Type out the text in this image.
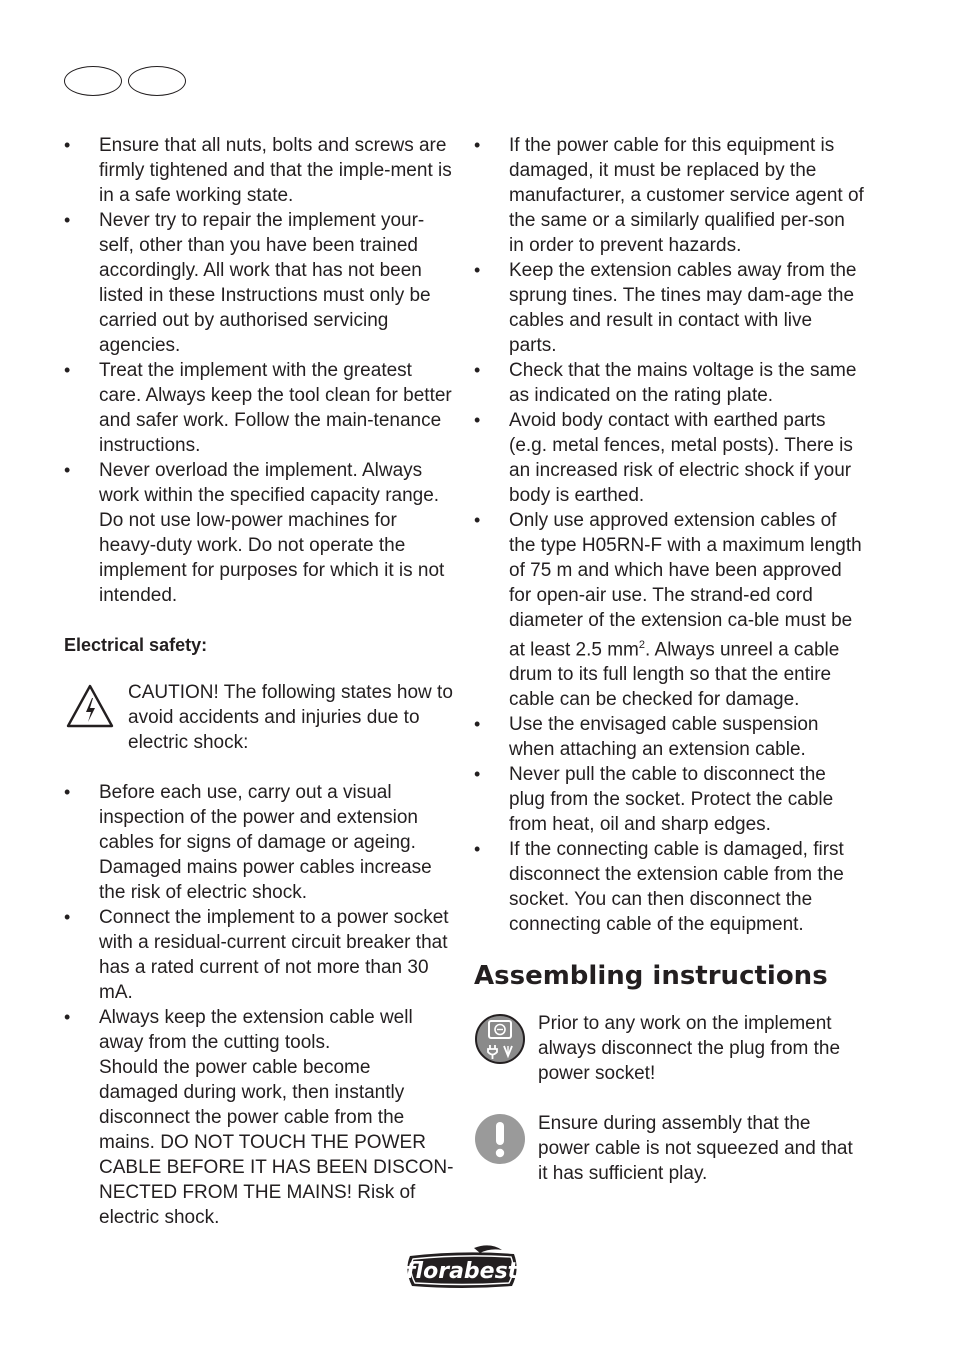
• Ensure that all nuts, bolts and screws are firmly tightened and that the imple-ment is in a safe working state.
• Never try to repair the implement your-self, other than you have been trained accordingly. All work that has not been listed in these Instructions must only be carried out by authorised servicing agencies.
• Treat the implement with the greatest care. Always keep the tool clean for better and safer work. Follow the main-tenance instructions.
• Never overload the implement. Always work within the specified capacity range. Do not use low-power machines for heavy-duty work. Do not operate the implement for purposes for which it is not intended.
Electrical safety:
CAUTION! The following states how to avoid accidents and injuries due to electric shock:
• Before each use, carry out a visual inspection of the power and extension cables for signs of damage or ageing. Damaged mains power cables increase the risk of electric shock.
• Connect the implement to a power socket with a residual-current circuit breaker that has a rated current of not more than 30 mA.
• Always keep the extension cable well away from the cutting tools.
Should the power cable become damaged during work, then instantly disconnect the power cable from the mains. DO NOT TOUCH THE POWER CABLE BEFORE IT HAS BEEN DISCON-NECTED FROM THE MAINS! Risk of electric shock.
• If the power cable for this equipment is damaged, it must be replaced by the manufacturer, a customer service agent of the same or a similarly qualified per-son in order to prevent hazards.
• Keep the extension cables away from the sprung tines. The tines may dam-age the cables and result in contact with live parts.
• Check that the mains voltage is the same as indicated on the rating plate.
• Avoid body contact with earthed parts (e.g. metal fences, metal posts). There is an increased risk of electric shock if your body is earthed.
• Only use approved extension cables of the type H05RN-F with a maximum length of 75 m and which have been approved for open-air use. The strand-ed cord diameter of the extension ca-ble must be at least 2.5 $mm^2$. Always unreel a cable drum to its full length so that the entire cable can be checked for damage.
• Use the envisaged cable suspension when attaching an extension cable.
• Never pull the cable to disconnect the plug from the socket. Protect the cable from heat, oil and sharp edges.
• If the connecting cable is damaged, first disconnect the extension cable from the socket. You can then disconnect the connecting cable of the equipment.
Assembling instructions
Prior to any work on the implement always disconnect the plug from the power socket!
Ensure during assembly that the power cable is not squeezed and that it has sufficient play.
florabest
